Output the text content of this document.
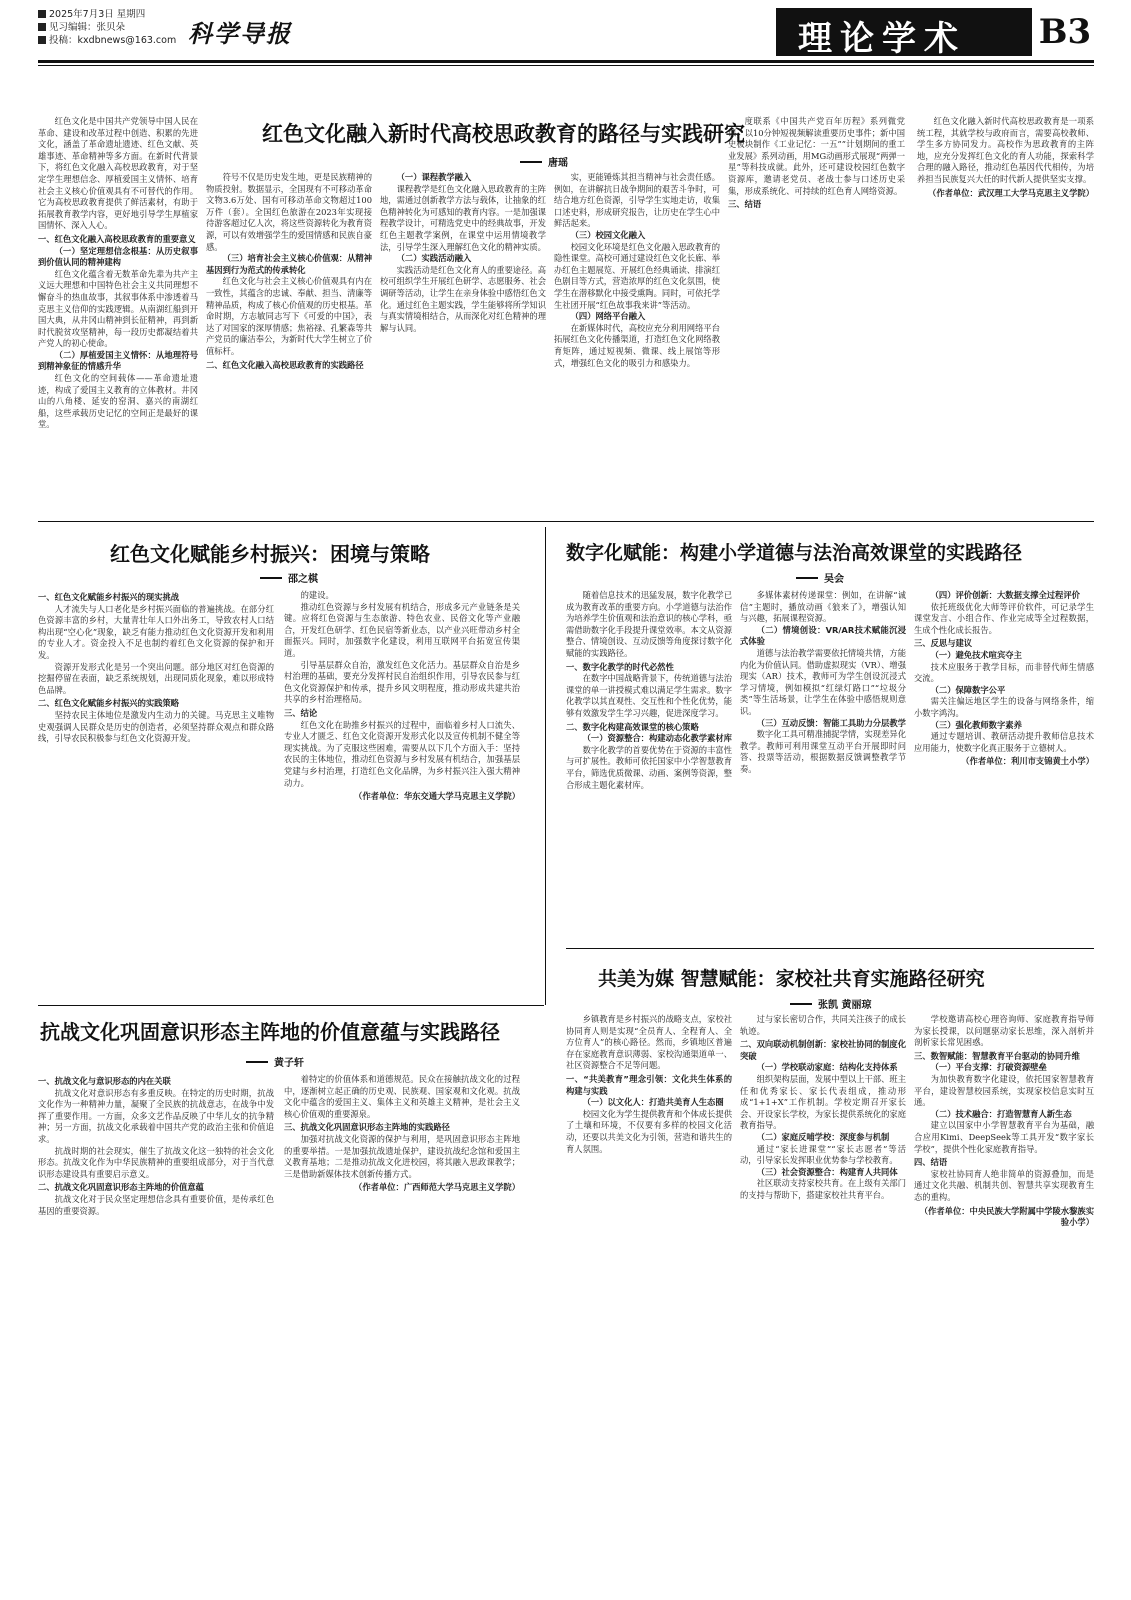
2025年7月3日 星期四
见习编辑：张贝朵
投稿：kxdbnews@163.com 科学导报	理论学术 B3

红色文化是中国共产党领导中国人民在革命、建设和改革过程中创造、积累的先进文化，涵盖了革命遗址遗迹、红色文献、英雄事迹、革命精神等多方面。在新时代背景下，将红色文化融入高校思政教育，对于坚定学生理想信念、厚植爱国主义情怀、培育社会主义核心价值观具有不可替代的作用。它为高校思政教育提供了鲜活素材，有助于拓展教育教学内容，更好地引导学生厚植家国情怀、深入人心。

一、红色文化融入高校思政教育的重要意义

（一）坚定理想信念根基：从历史叙事到价值认同的精神建构

红色文化蕴含着无数革命先辈为共产主义远大理想和中国特色社会主义共同理想不懈奋斗的热血故事，其叙事体系中渗透着马克思主义信仰的实践逻辑。从南湖红船到开国大典，从井冈山精神到长征精神，再到新时代脱贫攻坚精神，每一段历史都凝结着共产党人的初心使命。

（二）厚植爱国主义情怀：从地理符号到精神象征的情感升华

红色文化的空间载体——革命遗址遗迹，构成了爱国主义教育的立体教材。井冈山的八角楼、延安的窑洞、嘉兴的南湖红船，这些承载历史记忆的空间正是最好的课堂。

红色文化融入新时代高校思政教育的路径与实践研究
唐瑶

符号不仅是历史发生地，更是民族精神的物质投射。数据显示，全国现有不可移动革命文物3.6万处、国有可移动革命文物超过100万件（套）。全国红色旅游在2023年实现接待游客超过亿人次，将这些资源转化为教育资源，可以有效增强学生的爱国情感和民族自豪感。

（三）培育社会主义核心价值观：从精神基因到行为范式的传承转化

红色文化与社会主义核心价值观具有内在一致性，其蕴含的忠诚、奉献、担当、清廉等精神品质，构成了核心价值观的历史根基。革命时期，方志敏同志写下《可爱的中国》，表达了对国家的深厚情感；焦裕禄、孔繁森等共产党员的廉洁奉公，为新时代大学生树立了价值标杆。

二、红色文化融入高校思政教育的实践路径

（一）课程教学融入

课程教学是红色文化融入思政教育的主阵地，需通过创新教学方法与载体，让抽象的红色精神转化为可感知的教育内容。一是加强课程教学设计，可精选党史中的经典故事，开发红色主题教学案例，在课堂中运用情境教学法，引导学生深入理解红色文化的精神实质。

（二）实践活动融入

实践活动是红色文化育人的重要途径。高校可组织学生开展红色研学、志愿服务、社会调研等活动，让学生在亲身体验中感悟红色文化。通过红色主题实践，学生能够将所学知识与真实情境相结合，从而深化对红色精神的理解与认同。

实，更能锤炼其担当精神与社会责任感。例如，在讲解抗日战争期间的艰苦斗争时，可结合地方红色资源，引导学生实地走访，收集口述史料，形成研究报告，让历史在学生心中鲜活起来。

（三）校园文化融入

校园文化环境是红色文化融入思政教育的隐性课堂。高校可通过建设红色文化长廊、举办红色主题展览、开展红色经典诵读、排演红色剧目等方式，营造浓厚的红色文化氛围，使学生在潜移默化中接受熏陶。同时，可依托学生社团开展“红色故事我来讲”等活动。

（四）网络平台融入

在新媒体时代，高校应充分利用网络平台拓展红色文化传播渠道，打造红色文化网络教育矩阵，通过短视频、微课、线上展馆等形式，增强红色文化的吸引力和感染力。

度联系《中国共产党百年历程》系列微党课，以10分钟短视频解读重要历史事件；新中国史板块制作《工业记忆：一五””计划期间的重工业发展》系列动画，用MG动画形式展现“两弹一星”等科技成就。此外，还可建设校园红色数字资源库，邀请老党员、老战士参与口述历史采集，形成系统化、可持续的红色育人网络资源。

三、结语

红色文化融入新时代高校思政教育是一项系统工程，其就学校与政府而言，需要高校教师、学生多方协同发力。高校作为思政教育的主阵地，应充分发挥红色文化的育人功能，探索科学合理的融入路径，推动红色基因代代相传，为培养担当民族复兴大任的时代新人提供坚实支撑。

（作者单位：武汉理工大学马克思主义学院）

红色文化赋能乡村振兴：困境与策略
邵之棋

一、红色文化赋能乡村振兴的现实挑战

人才流失与人口老化是乡村振兴面临的普遍挑战。在部分红色资源丰富的乡村，大量青壮年人口外出务工，导致农村人口结构出现“空心化”现象，缺乏有能力推动红色文化资源开发和利用的专业人才。资金投入不足也制约着红色文化资源的保护和开发。

资源开发形式化是另一个突出问题。部分地区对红色资源的挖掘停留在表面，缺乏系统规划，出现同质化现象，难以形成特色品牌。

二、红色文化赋能乡村振兴的实践策略

坚持农民主体地位是激发内生动力的关键。马克思主义唯物史观强调人民群众是历史的创造者，必须坚持群众观点和群众路线，引导农民积极参与红色文化资源开发。

的建设。

推动红色资源与乡村发展有机结合，形成多元产业链条是关键。应将红色资源与生态旅游、特色农业、民俗文化等产业融合，开发红色研学、红色民宿等新业态，以产业兴旺带动乡村全面振兴。同时，加强数字化建设，利用互联网平台拓宽宣传渠道。

引导基层群众自治，激发红色文化活力。基层群众自治是乡村治理的基础，要充分发挥村民自治组织作用，引导农民参与红色文化资源保护和传承，提升乡风文明程度，推动形成共建共治共享的乡村治理格局。

三、结论

红色文化在助推乡村振兴的过程中，面临着乡村人口流失、专业人才匮乏、红色文化资源开发形式化以及宣传机制不健全等现实挑战。为了克服这些困难，需要从以下几个方面入手：坚持农民的主体地位，推动红色资源与乡村发展有机结合，加强基层党建与乡村治理，打造红色文化品牌，为乡村振兴注入强大精神动力。

（作者单位：华东交通大学马克思主义学院）

数字化赋能：构建小学道德与法治高效课堂的实践路径
吴会

随着信息技术的迅猛发展，数字化教学已成为教育改革的重要方向。小学道德与法治作为培养学生价值观和法治意识的核心学科，亟需借助数字化手段提升课堂效率。本文从资源整合、情境创设、互动反馈等角度探讨数字化赋能的实践路径。

一、数字化教学的时代必然性

在数字中国战略背景下，传统道德与法治课堂的单一讲授模式难以满足学生需求。数字化教学以其直观性、交互性和个性化优势，能够有效激发学生学习兴趣，促进深度学习。

二、数字化构建高效课堂的核心策略

（一）资源整合：构建动态化教学素材库

数字化教学的首要优势在于资源的丰富性与可扩展性。教师可依托国家中小学智慧教育平台，筛选优质微课、动画、案例等资源，整合形成主题化素材库。

多媒体素材传递课堂：例如，在讲解“诚信”主题时，播放动画《狼来了》，增强认知与兴趣，拓展课程资源。

（二）情境创设：VR/AR技术赋能沉浸式体验

道德与法治教学需要依托情境共情，方能内化为价值认同。借助虚拟现实（VR）、增强现实（AR）技术，教师可为学生创设沉浸式学习情境，例如模拟“红绿灯路口”“垃圾分类”等生活场景，让学生在体验中感悟规则意识。

（三）互动反馈：智能工具助力分层教学

数字化工具可精准捕捉学情，实现差异化教学。教师可利用课堂互动平台开展即时问答、投票等活动，根据数据反馈调整教学节奏。

（四）评价创新：大数据支撑全过程评价

依托班级优化大师等评价软件，可记录学生课堂发言、小组合作、作业完成等全过程数据，生成个性化成长报告。

三、反思与建议

（一）避免技术喧宾夺主

技术应服务于教学目标，而非替代师生情感交流。

（二）保障数字公平

需关注偏远地区学生的设备与网络条件，缩小数字鸿沟。

（三）强化教师数字素养

通过专题培训、教研活动提升教师信息技术应用能力，使数字化真正服务于立德树人。

（作者单位：利川市支锦黄土小学）

抗战文化巩固意识形态主阵地的价值意蕴与实践路径
黄子轩

一、抗战文化与意识形态的内在关联

抗战文化对意识形态有多重反映。在特定的历史时期，抗战文化作为一种精神力量，凝聚了全民族的抗战意志，在战争中发挥了重要作用。一方面，众多文艺作品反映了中华儿女的抗争精神；另一方面，抗战文化承载着中国共产党的政治主张和价值追求。

抗战时期的社会现实，催生了抗战文化这一独特的社会文化形态。抗战文化作为中华民族精神的重要组成部分，对于当代意识形态建设具有重要启示意义。

二、抗战文化巩固意识形态主阵地的价值意蕴

抗战文化对于民众坚定理想信念具有重要价值，是传承红色基因的重要资源。

着特定的价值体系和道德规范。民众在接触抗战文化的过程中，逐渐树立起正确的历史观、民族观、国家观和文化观。抗战文化中蕴含的爱国主义、集体主义和英雄主义精神，是社会主义核心价值观的重要源泉。

三、抗战文化巩固意识形态主阵地的实践路径

加强对抗战文化资源的保护与利用，是巩固意识形态主阵地的重要举措。一是加强抗战遗址保护，建设抗战纪念馆和爱国主义教育基地；二是推动抗战文化进校园，将其融入思政课教学；三是借助新媒体技术创新传播方式。

（作者单位：广西师范大学马克思主义学院）

共美为媒 智慧赋能：家校社共育实施路径研究
张凯 黄丽琼

乡镇教育是乡村振兴的战略支点，家校社协同育人则是实现“全员育人、全程育人、全方位育人”的核心路径。然而，乡镇地区普遍存在家庭教育意识薄弱、家校沟通渠道单一、社区资源整合不足等问题。

一、“共美教育”理念引领：文化共生体系的构建与实践

（一）以文化人：打造共美育人生态圈

校园文化为学生提供教育和个体成长提供了土壤和环境，不仅要有多样的校园文化活动，还要以共美文化为引领，营造和谐共生的育人氛围。

过与家长密切合作，共同关注孩子的成长轨迹。

二、双向联动机制创新：家校社协同的制度化突破

（一）学校联动家庭：结构化支持体系

组织架构层面，发展中型以上干部、班主任和优秀家长、家长代表组成，推动形成“1+1+X”工作机制。学校定期召开家长会、开设家长学校，为家长提供系统化的家庭教育指导。

（二）家庭反哺学校：深度参与机制

通过“家长进课堂”“家长志愿者”等活动，引导家长发挥职业优势参与学校教育。

（三）社会资源整合：构建育人共同体

社区联动支持家校共育。在上级有关部门的支持与帮助下，搭建家校社共育平台。

学校邀请高校心理咨询师、家庭教育指导师为家长授课，以问题驱动家长思维，深入剖析并剖析家长常见困惑。

三、数智赋能：智慧教育平台驱动的协同升维

（一）平台支撑：打破资源壁垒

为加快教育数字化建设，依托国家智慧教育平台，建设智慧校园系统，实现家校信息实时互通。

（二）技术融合：打造智慧育人新生态

建立以国家中小学智慧教育平台为基础，融合应用Kimi、DeepSeek等工具开发“数字家长学校”，提供个性化家庭教育指导。

四、结语

家校社协同育人绝非简单的资源叠加，而是通过文化共融、机制共创、智慧共享实现教育生态的重构。

（作者单位：中央民族大学附属中学陵水黎族实验小学）
